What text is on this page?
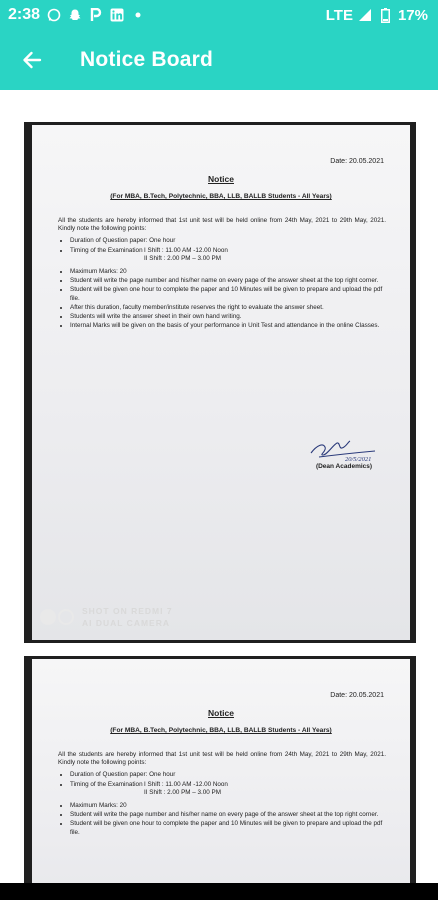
2:38	LTE	17%
Notice Board
Date: 20.05.2021
Notice
(For MBA, B.Tech, Polytechnic, BBA, LLB, BALLB Students - All Years)

All the students are hereby informed that 1st unit test will be held online from 24th May, 2021 to 29th May, 2021. Kindly note the following points:

• Duration of Question paper: One hour
• Timing of the Examination I Shift : 11.00 AM -12.00 Noon
II Shift : 2.00 PM – 3.00 PM
• Maximum Marks: 20
• Student will write the page number and his/her name on every page of the answer sheet at the top right corner.
• Student will be given one hour to complete the paper and 10 Minutes will be given to prepare and upload the pdf file.
• After this duration, faculty member/institute reserves the right to evaluate the answer sheet.
• Students will write the answer sheet in their own hand writing.
• Internal Marks will be given on the basis of your performance in Unit Test and attendance in the online Classes.
20/5/2021
(Dean Academics)
SHOT ON REDMI 7
AI DUAL CAMERA
Date: 20.05.2021
Notice
(For MBA, B.Tech, Polytechnic, BBA, LLB, BALLB Students - All Years)

All the students are hereby informed that 1st unit test will be held online from 24th May, 2021 to 29th May, 2021. Kindly note the following points:

• Duration of Question paper: One hour
• Timing of the Examination I Shift : 11.00 AM -12.00 Noon
II Shift : 2.00 PM – 3.00 PM
• Maximum Marks: 20
• Student will write the page number and his/her name on every page of the answer sheet at the top right corner.
• Student will be given one hour to complete the paper and 10 Minutes will be given to prepare and upload the pdf file.
